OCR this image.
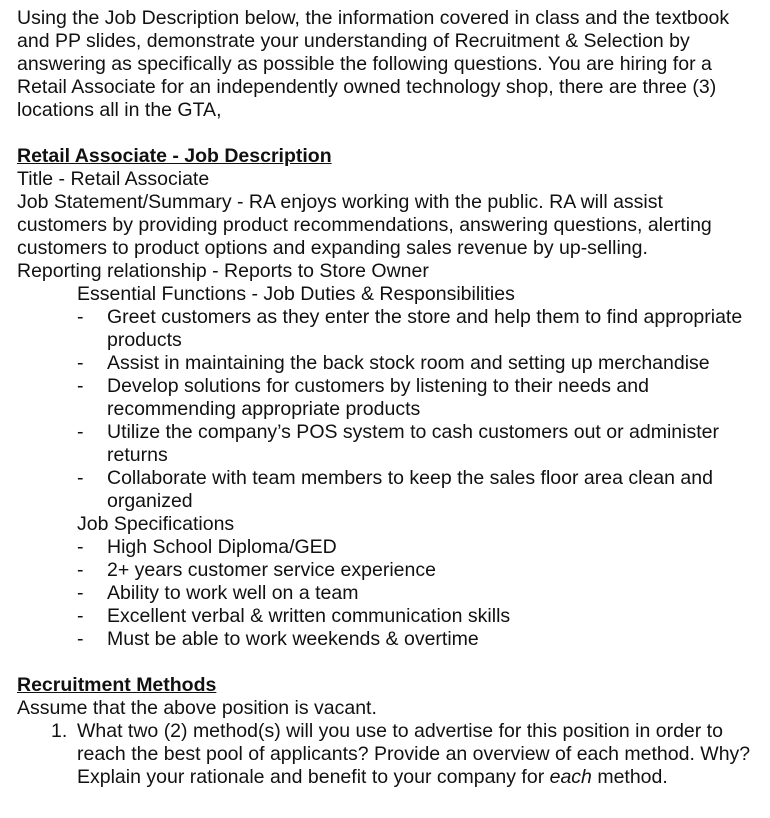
Using the Job Description below, the information covered in class and the textbook and PP slides, demonstrate your understanding of Recruitment & Selection by answering as specifically as possible the following questions. You are hiring for a Retail Associate for an independently owned technology shop, there are three (3) locations all in the GTA,

Retail Associate - Job Description

Title - Retail Associate

Job Statement/Summary - RA enjoys working with the public. RA will assist customers by providing product recommendations, answering questions, alerting customers to product options and expanding sales revenue by up-selling.

Reporting relationship - Reports to Store Owner

Essential Functions - Job Duties & Responsibilities

-	Greet customers as they enter the store and help them to find appropriate products
-	Assist in maintaining the back stock room and setting up merchandise
-	Develop solutions for customers by listening to their needs and recommending appropriate products
-	Utilize the company’s POS system to cash customers out or administer returns
-	Collaborate with team members to keep the sales floor area clean and organized

Job Specifications

-	High School Diploma/GED
-	2+ years customer service experience
-	Ability to work well on a team
-	Excellent verbal & written communication skills
-	Must be able to work weekends & overtime

Recruitment Methods

Assume that the above position is vacant.

1. What two (2) method(s) will you use to advertise for this position in order to reach the best pool of applicants? Provide an overview of each method. Why? Explain your rationale and benefit to your company for each method.
